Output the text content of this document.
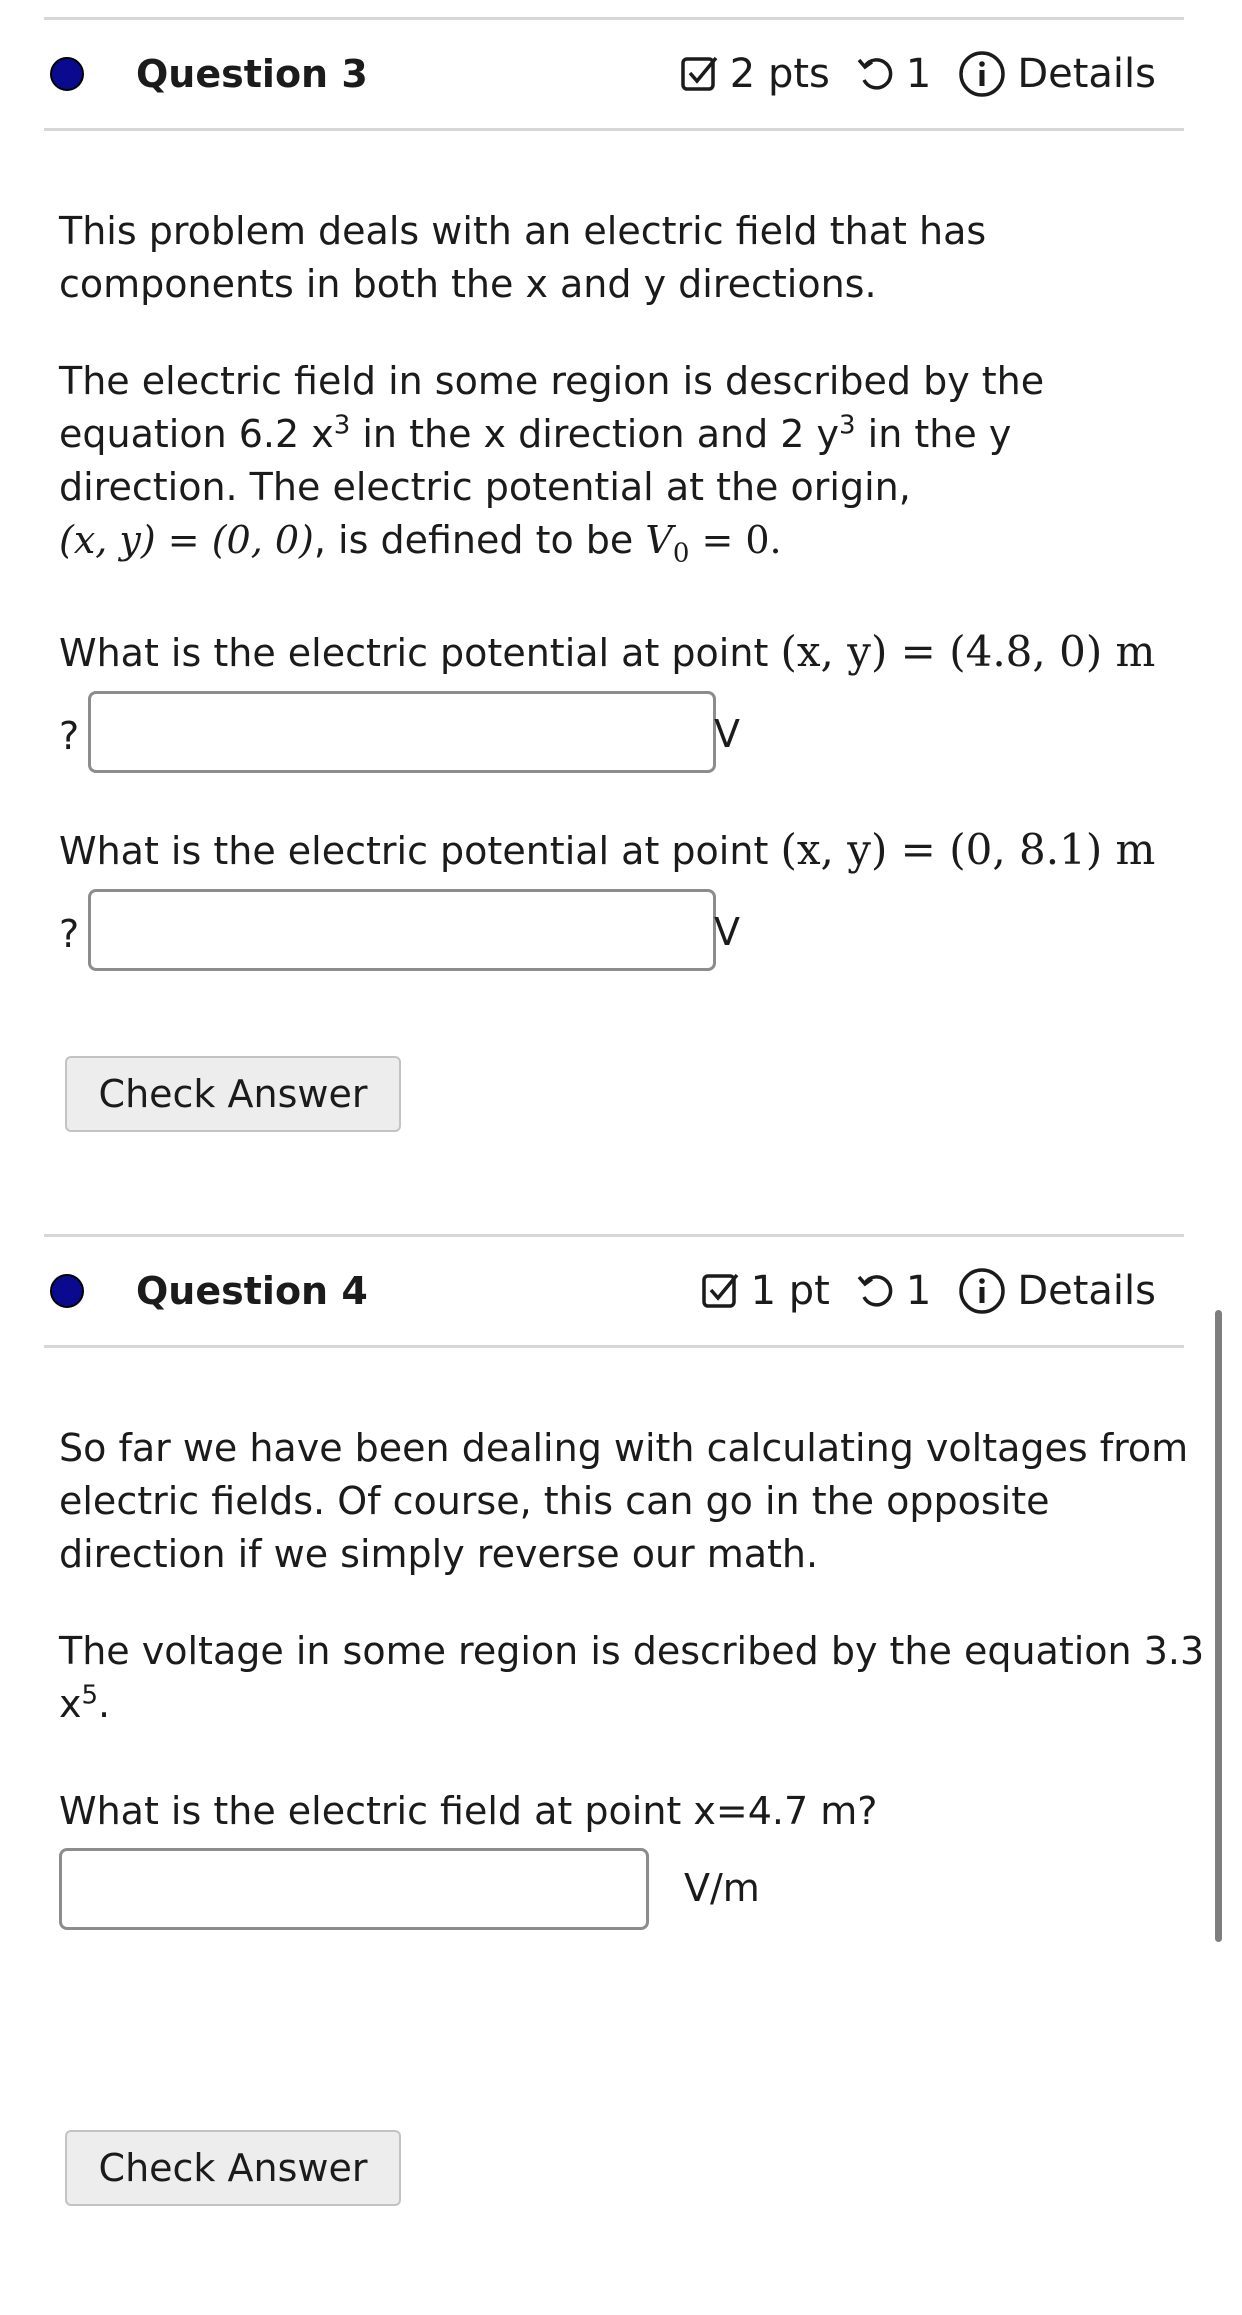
Question 3	2 pts 1 Details

This problem deals with an electric field that has components in both the x and y directions.

The electric field in some region is described by the equation 6.2 $x^3$ in the x direction and 2 $y^3$ in the y direction. The electric potential at the origin,
(x, y) = (0, 0), is defined to be $V_0 = 0$.

What is the electric potential at point (x, y) = (4.8, 0) m

?	V

What is the electric potential at point (x, y) = (0, 8.1) m

?	V
Check Answer
Question 4	1 pt 1 Details

So far we have been dealing with calculating voltages from electric fields. Of course, this can go in the opposite direction if we simply reverse our math.

The voltage in some region is described by the equation 3.3
$x^5$.

What is the electric field at point x=4.7 m?

V/m
Check Answer
